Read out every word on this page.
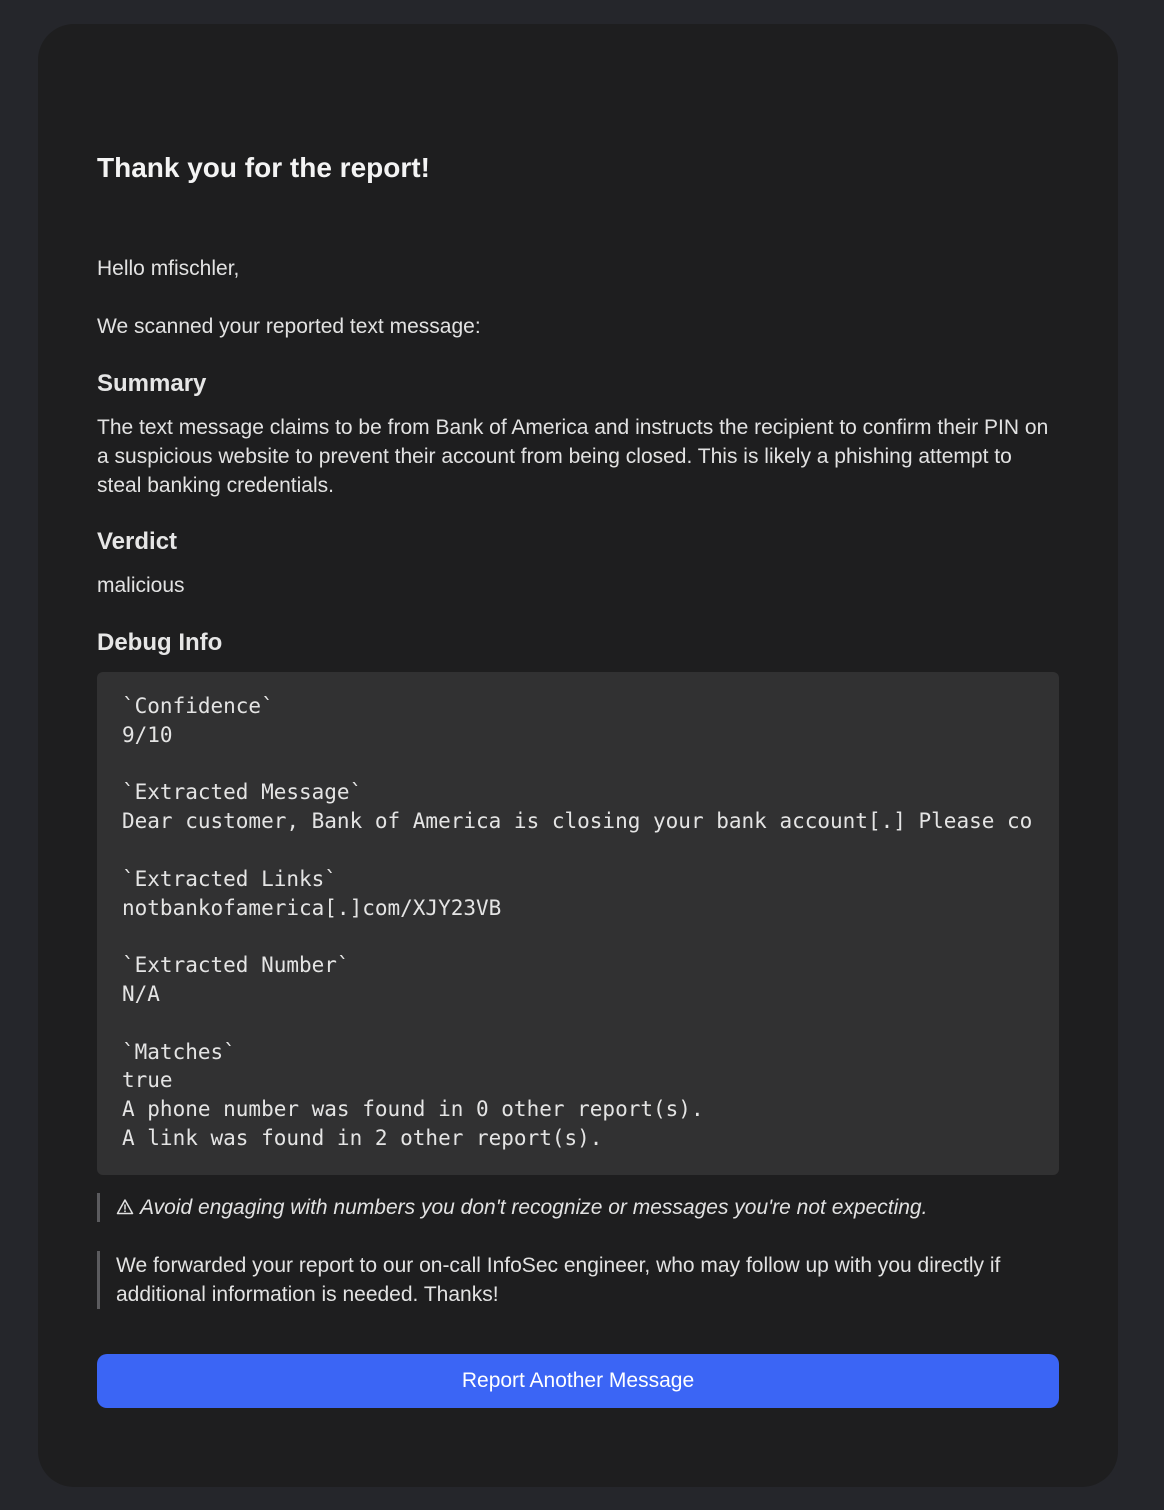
Thank you for the report!

Hello mfischler,

We scanned your reported text message:

Summary

The text message claims to be from Bank of America and instructs the recipient to confirm their PIN on a suspicious website to prevent their account from being closed. This is likely a phishing attempt to steal banking credentials.

Verdict

malicious

Debug Info
`Confidence`
9/10
`Extracted Message`
Dear customer, Bank of America is closing your bank account[.] Please co
`Extracted Links`
notbankofamerica[.]com/XJY23VB
`Extracted Number`
N/A
`Matches`
true
A phone number was found in 0 other report(s).
A link was found in 2 other report(s).
Avoid engaging with numbers you don't recognize or messages you're not expecting.
We forwarded your report to our on-call InfoSec engineer, who may follow up with you directly if additional information is needed. Thanks!
Report Another Message
